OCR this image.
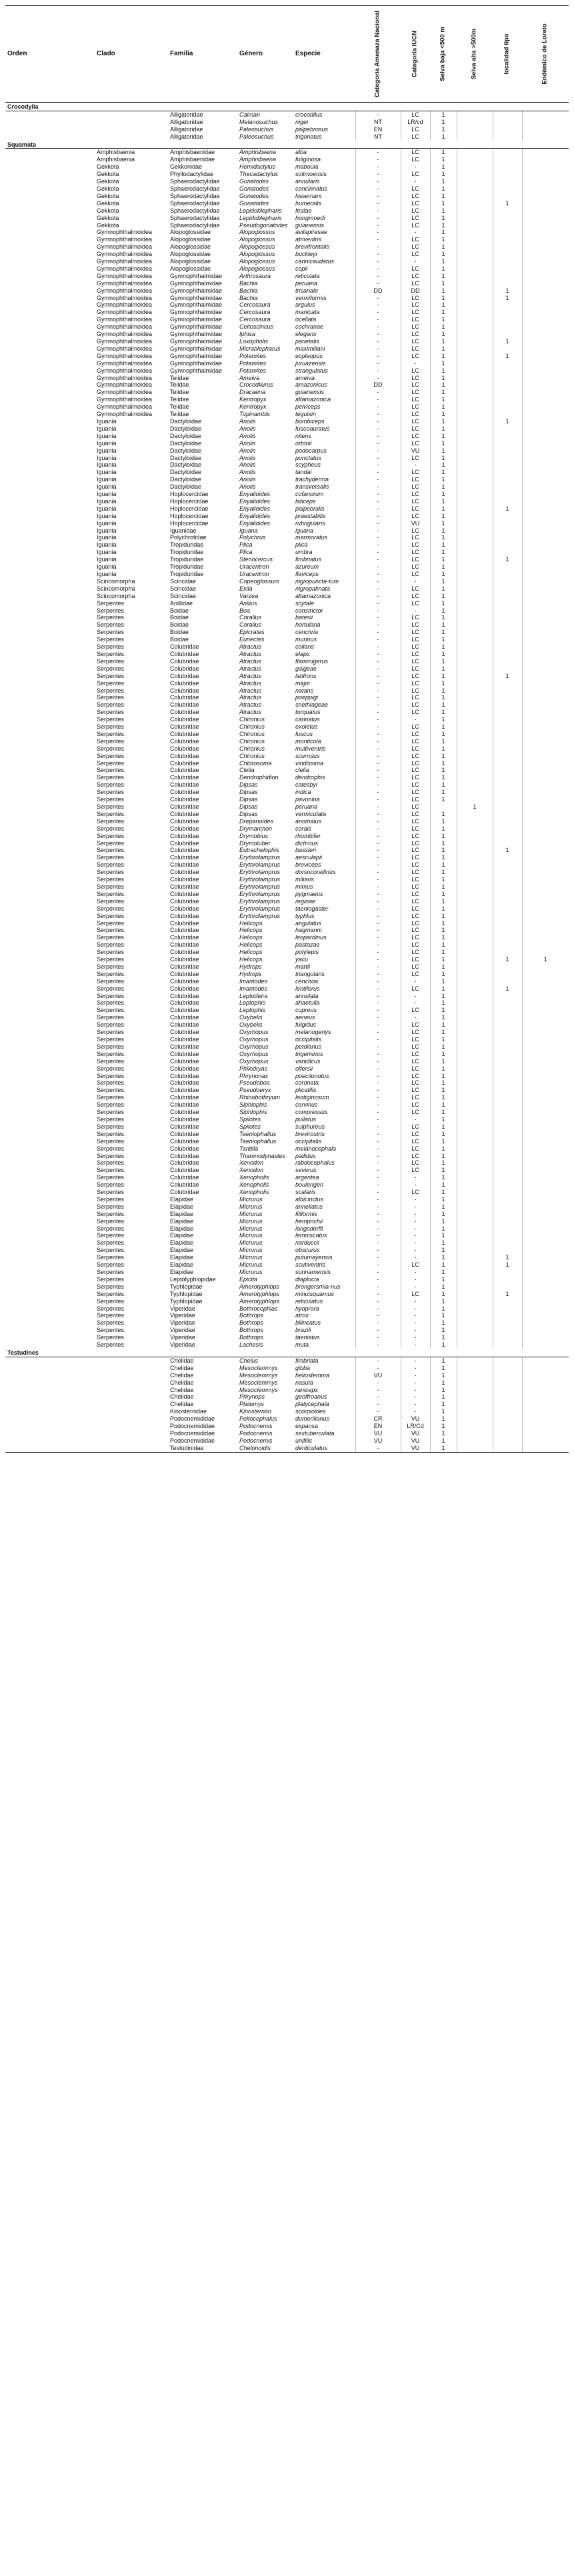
Orden	Clado	Familia	Género	Especie	Categoría Amenaza Nacional	Categoría IUCN	Selva baja <500 m	Selva alta >500m	localidad tipo	Endémico de Loreto

Crocodylia										
		Alligatoridae	Caiman	crocodilus	-	LC	1			
		Alligatoridae	Melanosuchus	niger	NT	LR/cd	1			
		Alligatoridae	Paleosuchus	palpebrosus	EN	LC	1			
		Alligatoridae	Paleosuchus	trigonatus	NT	LC	1			
Squamata										
	Amphisbaenia	Amphisbaenidae	Amphisbaena	alba	-	LC	1			
	Amphisbaenia	Amphisbaenidae	Amphisbaena	fuliginosa	-	LC	1			
	Gekkota	Gekkonidae	Hemidactylus	mabouia	-	-	1			
	Gekkota	Phyllodactylidae	Thecadactylus	solimoensis	-	LC	1			
	Gekkota	Sphaerodactylidae	Gonatodes	annularis	-	-	1			
	Gekkota	Sphaerodactylidae	Gonatodes	concinnatus	-	LC	1			
	Gekkota	Sphaerodactylidae	Gonatodes	hasemani	-	LC	1			
	Gekkota	Sphaerodactylidae	Gonatodes	humeralis	-	LC	1		1	
	Gekkota	Sphaerodactylidae	Lepidoblepharis	festae	-	LC	1			
	Gekkota	Sphaerodactylidae	Lepidoblepharis	hoogmoedi	-	LC	1			
	Gekkota	Sphaerodactylidae	Pseudogonatodes	guianensis	-	LC	1			
	Gymnophthalmoidea	Alopoglossidae	Alopoglossus	avilapiresae	-	-	1			
	Gymnophthalmoidea	Alopoglossidae	Alopoglossus	atriventris	-	LC	1			
	Gymnophthalmoidea	Alopoglossidae	Alopoglossus	brevifrontalis	-	LC	1			
	Gymnophthalmoidea	Alopoglossidae	Alopoglossus	buckleyi	-	LC	1			
	Gymnophthalmoidea	Alopoglossidae	Alopoglossus	carinicaudatus	-	-	1			
	Gymnophthalmoidea	Alopoglossidae	Alopoglossus	copii	-	LC	1			
	Gymnophthalmoidea	Gymnophthalmidae	Arthrosaura	reticulata	-	LC	1			
	Gymnophthalmoidea	Gymnophthalmidae	Bachia	peruana	-	LC	1			
	Gymnophthalmoidea	Gymnophthalmidae	Bachia	trisanale	DD	DD	1		1	
	Gymnophthalmoidea	Gymnophthalmidae	Bachia	vermiformis	-	LC	1		1	
	Gymnophthalmoidea	Gymnophthalmidae	Cercosaura	argulus	-	LC	1			
	Gymnophthalmoidea	Gymnophthalmidae	Cercosaura	manicata	-	LC	1			
	Gymnophthalmoidea	Gymnophthalmidae	Cercosaura	ocellata	-	LC	1			
	Gymnophthalmoidea	Gymnophthalmidae	Ceitoscincus	cochranae	-	LC	1			
	Gymnophthalmoidea	Gymnophthalmidae	Iphisa	elegans	-	LC	1			
	Gymnophthalmoidea	Gymnophthalmidae	Loxopholis	parietalis	-	LC	1		1	
	Gymnophthalmoidea	Gymnophthalmidae	Micrablepharus	maximiliani	-	LC	1			
	Gymnophthalmoidea	Gymnophthalmidae	Potamites	ecpleopus	-	LC	1		1	
	Gymnophthalmoidea	Gymnophthalmidae	Potamites	juruazensis	-	-	1			
	Gymnophthalmoidea	Gymnophthalmidae	Potamites	strangulatus	-	LC	1			
	Gymnophthalmoidea	Teiidae	Ameiva	ameiva	-	LC	1			
	Gymnophthalmoidea	Teiidae	Crocodilurus	amazonicus	DD	LC	1			
	Gymnophthalmoidea	Teiidae	Dracaena	guianensis	-	LC	1			
	Gymnophthalmoidea	Teiidae	Kentropyx	altamazonica	-	LC	1			
	Gymnophthalmoidea	Teiidae	Kentropyx	pelviceps	-	LC	1			
	Gymnophthalmoidea	Teiidae	Tupinambis	teguixin	-	LC	1			
	Iguania	Dactyloidae	Anolis	bombiceps	-	LC	1		1	
	Iguania	Dactyloidae	Anolis	fuscoauratus	-	LC	1			
	Iguania	Dactyloidae	Anolis	nitens	-	LC	1			
	Iguania	Dactyloidae	Anolis	ortonii	-	LC	1			
	Iguania	Dactyloidae	Anolis	podocarpus	-	VU	1			
	Iguania	Dactyloidae	Anolis	punctatus	-	LC	1			
	Iguania	Dactyloidae	Anolis	scypheus	-	-	1			
	Iguania	Dactyloidae	Anolis	tandai	-	LC	1			
	Iguania	Dactyloidae	Anolis	trachyderma	-	LC	1			
	Iguania	Dactyloidae	Anolis	transversalis	-	LC	1			
	Iguania	Hoplocercidae	Enyalioides	cofanorum	-	LC	1			
	Iguania	Hoplocercidae	Enyalioides	laticeps	-	LC	1			
	Iguania	Hoplocercidae	Enyalioides	palpebralis	-	LC	1		1	
	Iguania	Hoplocercidae	Enyalioides	praestabilis	-	LC	1			
	Iguania	Hoplocercidae	Enyalioides	rubrigularis	-	VU	1			
	Iguania	Iguanidae	Iguana	iguana	-	LC	1			
	Iguania	Polychrotidae	Polychrus	marmoratus	-	LC	1			
	Iguania	Tropiduridae	Plica	plica	-	LC	1			
	Iguania	Tropiduridae	Plica	umbra	-	LC	1			
	Iguania	Tropiduridae	Stenocercus	fimbriatus	-	LC	1		1	
	Iguania	Tropiduridae	Uracentron	azureum	-	LC	1			
	Iguania	Tropiduridae	Uracentron	flaviceps	-	LC	1			
	Scincomorpha	Scincidae	Copeoglossum	nigropuncta-tum	-	-	1			
	Scincomorpha	Scincidae	Exila	nigropalmata	-	LC	1			
	Scincomorpha	Scincidae	Varzea	altamazonica	-	LC	1			
	Serpentes	Anillidae	Anilius	scytale	-	LC	1			
	Serpentes	Boidae	Boa	constrictor	-	-	1			
	Serpentes	Boidae	Corallus	batesii	-	LC	1			
	Serpentes	Boidae	Corallus	hortulana	-	LC	1			
	Serpentes	Boidae	Epicrates	cenchria	-	LC	1			
	Serpentes	Boidae	Eunectes	murinus	-	LC	1			
	Serpentes	Colubridae	Atractus	collaris	-	LC	1			
	Serpentes	Colubridae	Atractus	elaps	-	LC	1			
	Serpentes	Colubridae	Atractus	flammigerus	-	LC	1			
	Serpentes	Colubridae	Atractus	gaigeae	-	LC	1			
	Serpentes	Colubridae	Atractus	latifrons	-	LC	1		1	
	Serpentes	Colubridae	Atractus	major	-	LC	1			
	Serpentes	Colubridae	Atractus	natans	-	LC	1			
	Serpentes	Colubridae	Atractus	poeppigi	-	LC	1			
	Serpentes	Colubridae	Atractus	snethlageae	-	LC	1			
	Serpentes	Colubridae	Atractus	torquatus	-	LC	1			
	Serpentes	Colubridae	Chironius	carinatus	-	-	1			
	Serpentes	Colubridae	Chironius	exoletus	-	LC	1			
	Serpentes	Colubridae	Chironius	fuscus	-	LC	1			
	Serpentes	Colubridae	Chironius	monticola	-	LC	1			
	Serpentes	Colubridae	Chironius	multiventris	-	LC	1			
	Serpentes	Colubridae	Chironius	scurrulus	-	LC	1			
	Serpentes	Colubridae	Chlorosoma	viridissima	-	LC	1			
	Serpentes	Colubridae	Clelia	clelia	-	LC	1			
	Serpentes	Colubridae	Dendrophidion	dendrophis	-	LC	1			
	Serpentes	Colubridae	Dipsas	catesbyi	-	LC	1			
	Serpentes	Colubridae	Dipsas	indica	-	LC	1			
	Serpentes	Colubridae	Dipsas	pavonina	-	LC	1			
	Serpentes	Colubridae	Dipsas	peruana	-	LC		1		
	Serpentes	Colubridae	Dipsas	vermiculata	-	LC	1			
	Serpentes	Colubridae	Drepanoides	anomalus	-	LC	1			
	Serpentes	Colubridae	Drymarchon	corais	-	LC	1			
	Serpentes	Colubridae	Drymobius	rhombifer	-	LC	1			
	Serpentes	Colubridae	Drymoluber	dichrous	-	LC	1			
	Serpentes	Colubridae	Eutrachelophis	bassleri	-	LC	1		1	
	Serpentes	Colubridae	Erythrolamprus	aesculapii	-	LC	1			
	Serpentes	Colubridae	Erythrolamprus	breviceps	-	LC	1			
	Serpentes	Colubridae	Erythrolamprus	dorsocorallinus	-	LC	1			
	Serpentes	Colubridae	Erythrolamprus	miliaris	-	LC	1			
	Serpentes	Colubridae	Erythrolamprus	mimus	-	LC	1			
	Serpentes	Colubridae	Erythrolamprus	pygmaeus	-	LC	1			
	Serpentes	Colubridae	Erythrolamprus	reginae	-	LC	1			
	Serpentes	Colubridae	Erythrolamprus	taeniogaster	-	LC	1			
	Serpentes	Colubridae	Erythrolamprus	typhlus	-	LC	1			
	Serpentes	Colubridae	Helicops	angulatus	-	LC	1			
	Serpentes	Colubridae	Helicops	hagmanni	-	LC	1			
	Serpentes	Colubridae	Helicops	leopardinus	-	LC	1			
	Serpentes	Colubridae	Helicops	pastazae	-	LC	1			
	Serpentes	Colubridae	Helicops	polylepis	-	LC	1			
	Serpentes	Colubridae	Helicops	yacu	-	LC	1		1	1
	Serpentes	Colubridae	Hydrops	martii	-	LC	1			
	Serpentes	Colubridae	Hydrops	triangularis	-	LC	1			
	Serpentes	Colubridae	Imantodes	cenchoa	-	-	1			
	Serpentes	Colubridae	Imantodes	lentiferus	-	LC	1		1	
	Serpentes	Colubridae	Leptodeira	annulata	-	-	1			
	Serpentes	Colubridae	Leptophis	ahaetulla	-	-	1			
	Serpentes	Colubridae	Leptophis	cupreus	-	LC	1			
	Serpentes	Colubridae	Oxybelis	aeneus	-	-	1			
	Serpentes	Colubridae	Oxybelis	fulgidus	-	LC	1			
	Serpentes	Colubridae	Oxyrhopus	melanogenys	-	LC	1			
	Serpentes	Colubridae	Oxyrhopus	occipitalis	-	LC	1			
	Serpentes	Colubridae	Oxyrhopus	petolarius	-	LC	1			
	Serpentes	Colubridae	Oxyrhopus	trigeminus	-	LC	1			
	Serpentes	Colubridae	Oxyrhopus	vanidicus	-	LC	1			
	Serpentes	Colubridae	Philodryas	olfersii	-	LC	1			
	Serpentes	Colubridae	Phrynonax	poecilonotus	-	LC	1			
	Serpentes	Colubridae	Pseudoboa	coronata	-	LC	1			
	Serpentes	Colubridae	Pseudoeryx	plicatilis	-	LC	1			
	Serpentes	Colubridae	Rhinobothryum	lentiginosum	-	LC	1			
	Serpentes	Colubridae	Siphlophis	cervinus	-	LC	1			
	Serpentes	Colubridae	Siphlophis	compressus	-	LC	1			
	Serpentes	Colubridae	Spilotes	pullatus	-	-	1			
	Serpentes	Colubridae	Spilotes	sulphureus	-	LC	1			
	Serpentes	Colubridae	Taeniophallus	brevirostris	-	LC	1			
	Serpentes	Colubridae	Taeniophallus	occipitalis	-	LC	1			
	Serpentes	Colubridae	Tantilla	melanocephala	-	LC	1			
	Serpentes	Colubridae	Thamnodynastes	pallidus	-	LC	1			
	Serpentes	Colubridae	Xenodon	rabdocephalus	-	LC	1			
	Serpentes	Colubridae	Xenodon	severus	-	LC	1			
	Serpentes	Colubridae	Xenopholis	argentea	-	-	1			
	Serpentes	Colubridae	Xenopholis	boulengeri	-	-	1			
	Serpentes	Colubridae	Xenopholis	scalaris	-	LC	1			
	Serpentes	Elapidae	Micrurus	albicinctus	-	-	1			
	Serpentes	Elapidae	Micrurus	annellatus	-	-	1			
	Serpentes	Elapidae	Micrurus	filiformis	-	-	1			
	Serpentes	Elapidae	Micrurus	hemprichii	-	-	1			
	Serpentes	Elapidae	Micrurus	langsdorffi	-	-	1			
	Serpentes	Elapidae	Micrurus	lemniscatus	-	-	1			
	Serpentes	Elapidae	Micrurus	narduccii	-	-	1			
	Serpentes	Elapidae	Micrurus	obscurus	-	-	1			
	Serpentes	Elapidae	Micrurus	putumayensis	-	-	1		1	
	Serpentes	Elapidae	Micrurus	scutiventris	-	LC	1		1	
	Serpentes	Elapidae	Micrurus	surinamensis	-	-	1			
	Serpentes	Leptotyphlopidae	Epictia	diaplocia	-	-	1			
	Serpentes	Typhlopidae	Amerotyphlops	brongersmia-nus	-	-	1			
	Serpentes	Typhlopidae	Amerotyphlops	minuisquamus	-	LC	1		1	
	Serpentes	Typhlopidae	Amerotyphlops	reticulatus	-	-	1			
	Serpentes	Viperidae	Bothrocophias	hyoprora	-	-	1			
	Serpentes	Viperidae	Bothrops	atrox	-	-	1			
	Serpentes	Viperidae	Bothrops	bilineatus	-	-	1			
	Serpentes	Viperidae	Bothrops	brazili	-	-	1			
	Serpentes	Viperidae	Bothrops	taeniatus	-	-	1			
	Serpentes	Viperidae	Lachesis	muta	-	-	1			
Testudines										
		Chelidae	Chelus	fimbriata	-	-	1			
		Chelidae	Mesoclemmys	gibba	-	-	1			
		Chelidae	Mesoclemmys	heliostemma	VU	-	1			
		Chelidae	Mesoclemmys	nasuta	-	-	1			
		Chelidae	Mesoclemmys	raniceps	-	-	1			
		Chelidae	Phrynops	geoffroanus	-	-	1			
		Chelidae	Platemys	platycephala	-	-	1			
		Kinosternidae	Kinosternon	scorpioides	-	-	1			
		Podocnemididae	Peltocephalus	dumerilianus	CR	VU	1			
		Podocnemididae	Podocnemis	expansa	EN	LR/Cd	1			
		Podocnemididae	Podocnemis	sextuberculata	VU	VU	1			
		Podocnemididae	Podocnemis	unifilis	VU	VU	1			
		Testudinidae	Chelonoidis	denticulatus	-	VU	1			
